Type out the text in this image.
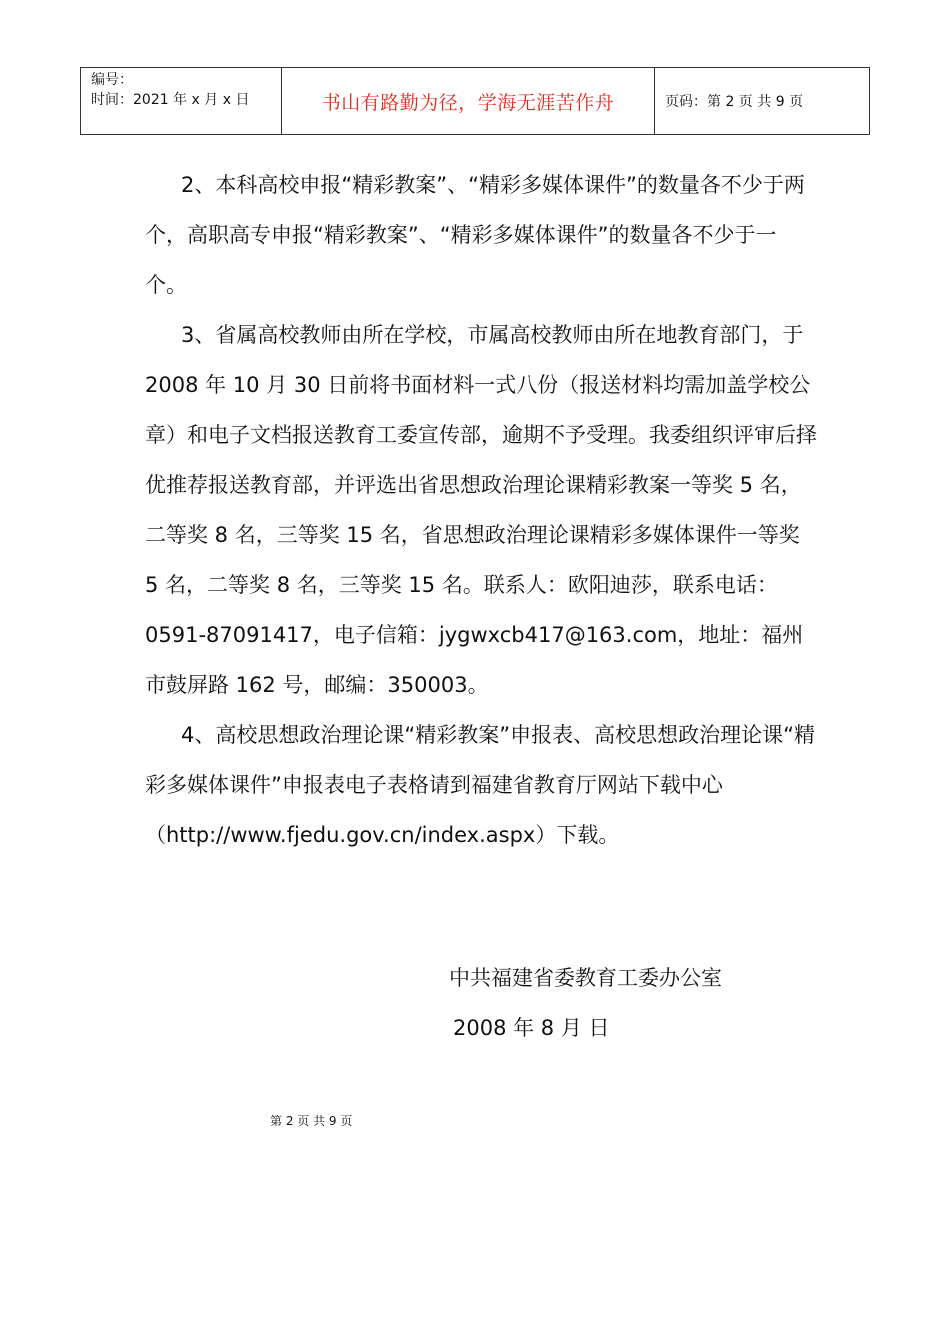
编号：
时间：2021 年 x 月 x 日	书山有路勤为径，学海无涯苦作舟	页码：第 2 页 共 9 页

2、本科高校申报“精彩教案”、“精彩多媒体课件”的数量各不少于两个，高职高专申报“精彩教案”、“精彩多媒体课件”的数量各不少于一个。

3、省属高校教师由所在学校，市属高校教师由所在地教育部门，于 2008 年 10 月 30 日前将书面材料一式八份（报送材料均需加盖学校公章）和电子文档报送教育工委宣传部，逾期不予受理。我委组织评审后择优推荐报送教育部，并评选出省思想政治理论课精彩教案一等奖 5 名，二等奖 8 名，三等奖 15 名，省思想政治理论课精彩多媒体课件一等奖 5 名，二等奖 8 名，三等奖 15 名。联系人：欧阳迪莎，联系电话：0591-87091417，电子信箱：jygwxcb417@163.com，地址：福州市鼓屏路 162 号，邮编：350003。

4、高校思想政治理论课“精彩教案”申报表、高校思想政治理论课“精彩多媒体课件”申报表电子表格请到福建省教育厅网站下载中心（http://www.fjedu.gov.cn/index.aspx）下载。

中共福建省委教育工委办公室
2008 年 8 月 日
第 2 页 共 9 页
